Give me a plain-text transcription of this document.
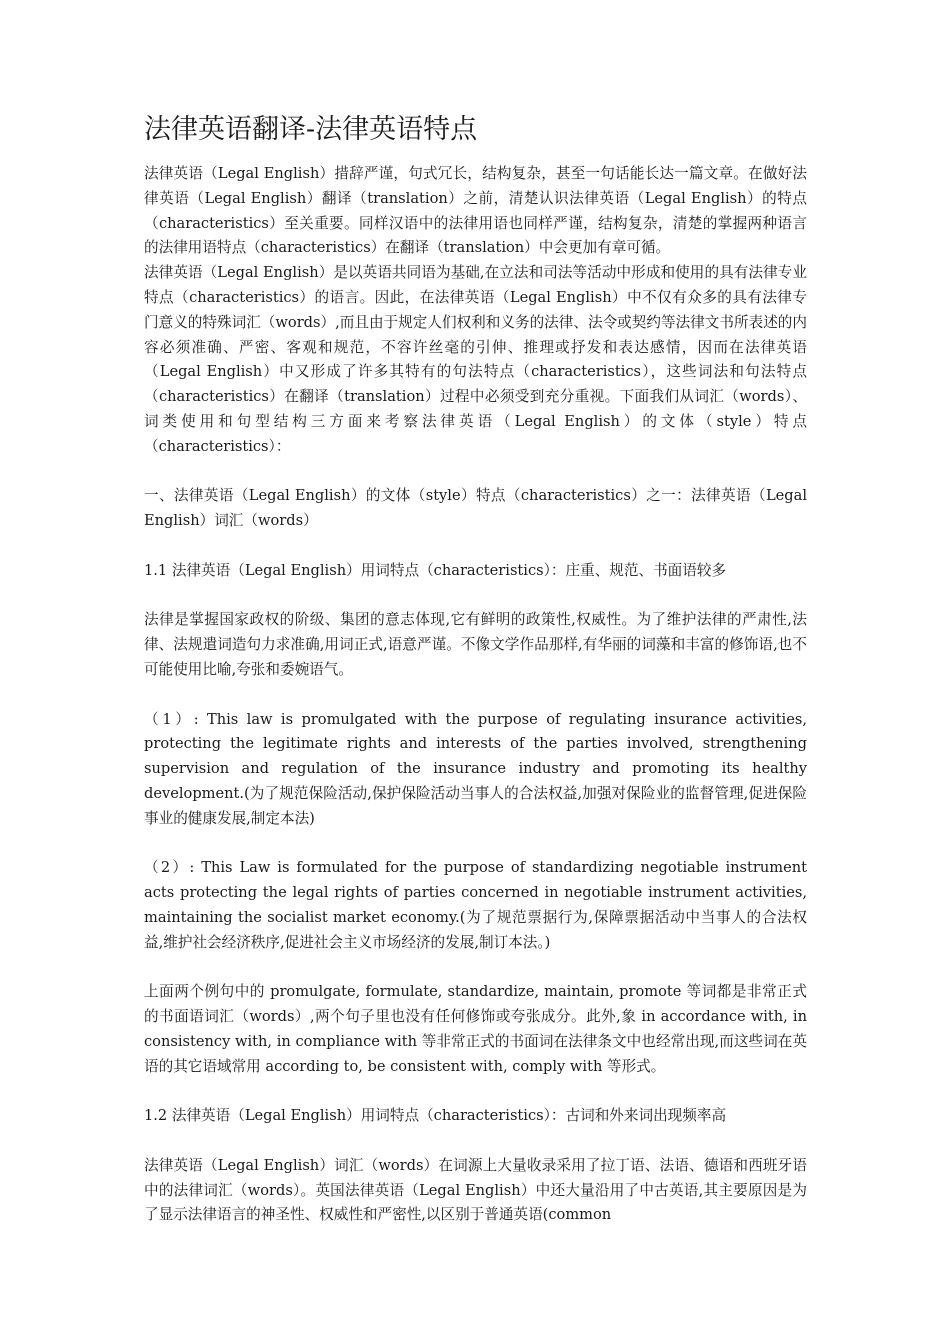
法律英语翻译-法律英语特点
法律英语（Legal English）措辞严谨，句式冗长，结构复杂，甚至一句话能长达一篇文章。在做好法律英语（Legal English）翻译（translation）之前，清楚认识法律英语（Legal English）的特点（characteristics）至关重要。同样汉语中的法律用语也同样严谨，结构复杂，清楚的掌握两种语言的法律用语特点（characteristics）在翻译（translation）中会更加有章可循。
法律英语（Legal English）是以英语共同语为基础,在立法和司法等活动中形成和使用的具有法律专业特点（characteristics）的语言。因此，在法律英语（Legal English）中不仅有众多的具有法律专门意义的特殊词汇（words）,而且由于规定人们权利和义务的法律、法令或契约等法律文书所表述的内容必须准确、严密、客观和规范，不容许丝毫的引伸、推理或抒发和表达感情，因而在法律英语（Legal English）中又形成了许多其特有的句法特点（characteristics），这些词法和句法特点（characteristics）在翻译（translation）过程中必须受到充分重视。下面我们从词汇（words）、词类使用和句型结构三方面来考察法律英语（Legal English）的文体（style）特点（characteristics）：
一、法律英语（Legal English）的文体（style）特点（characteristics）之一：法律英语（Legal English）词汇（words）
1.1 法律英语（Legal English）用词特点（characteristics）：庄重、规范、书面语较多
法律是掌握国家政权的阶级、集团的意志体现,它有鲜明的政策性,权威性。为了维护法律的严肃性,法律、法规遣词造句力求准确,用词正式,语意严谨。不像文学作品那样,有华丽的词藻和丰富的修饰语,也不可能使用比喻,夸张和委婉语气。
（1）: This law is promulgated with the purpose of regulating insurance activities, protecting the legitimate rights and interests of the parties involved, strengthening supervision and regulation of the insurance industry and promoting its healthy development.(为了规范保险活动,保护保险活动当事人的合法权益,加强对保险业的监督管理,促进保险事业的健康发展,制定本法)
（2）: This Law is formulated for the purpose of standardizing negotiable instrument acts protecting the legal rights of parties concerned in negotiable instrument activities, maintaining the socialist market economy.(为了规范票据行为,保障票据活动中当事人的合法权益,维护社会经济秩序,促进社会主义市场经济的发展,制订本法。)
上面两个例句中的 promulgate, formulate, standardize, maintain, promote 等词都是非常正式的书面语词汇（words）,两个句子里也没有任何修饰或夸张成分。此外,象 in accordance with, in consistency with, in compliance with 等非常正式的书面词在法律条文中也经常出现,而这些词在英语的其它语域常用 according to, be consistent with, comply with 等形式。
1.2 法律英语（Legal English）用词特点（characteristics）：古词和外来词出现频率高
法律英语（Legal English）词汇（words）在词源上大量收录采用了拉丁语、法语、德语和西班牙语中的法律词汇（words）。英国法律英语（Legal English）中还大量沿用了中古英语,其主要原因是为了显示法律语言的神圣性、权威性和严密性,以区别于普通英语(common
